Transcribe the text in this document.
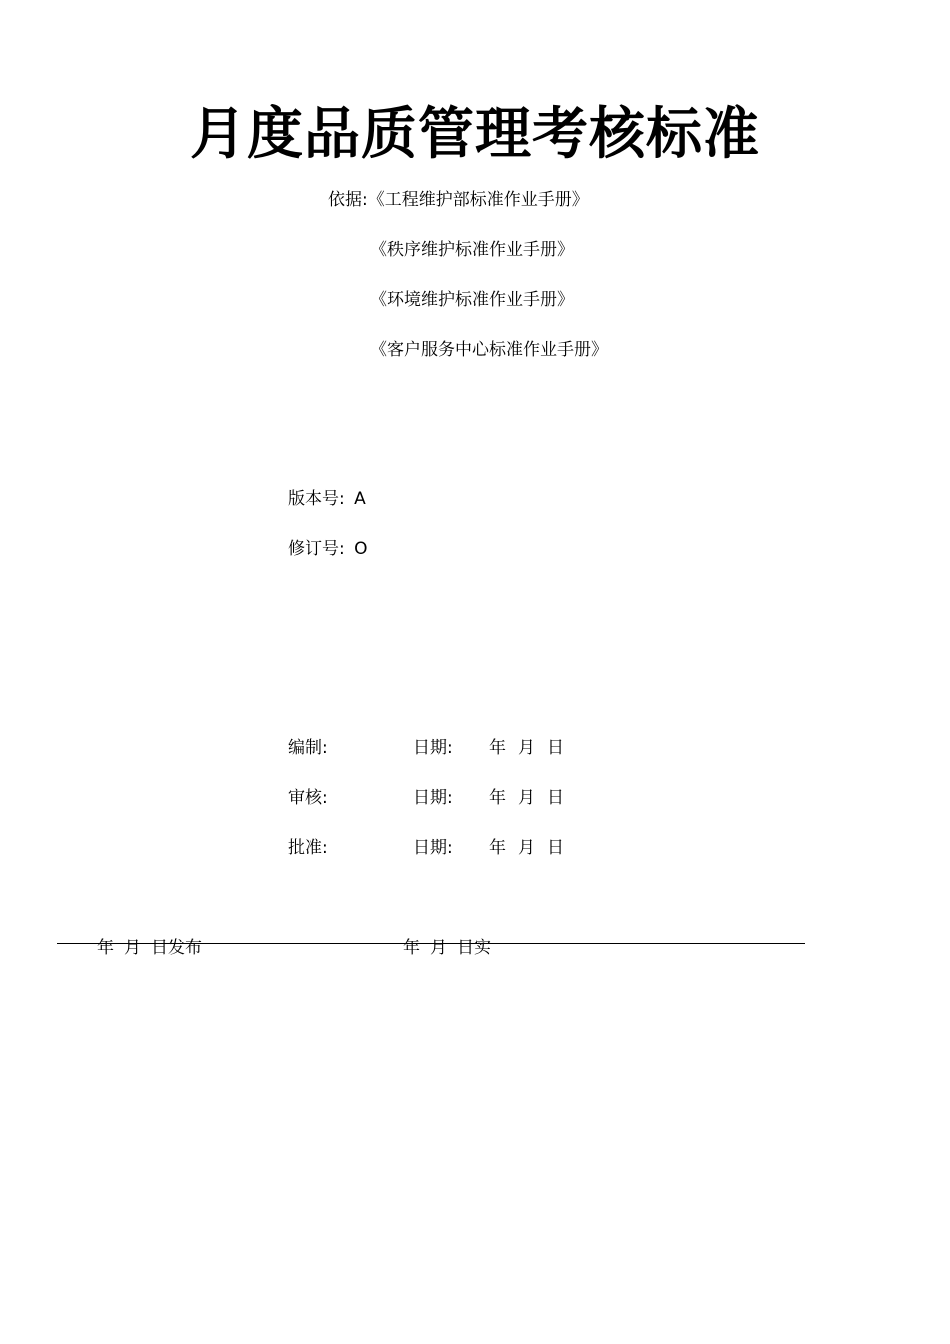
月度品质管理考核标准
依据:《工程维护部标准作业手册》
《秩序维护标准作业手册》
《环境维护标准作业手册》
《客户服务中心标准作业手册》
版本号: A
修订号: O
编制:	日期: 年 月 日
审核:	日期: 年 月 日
批准:	日期: 年 月 日
年 月 日发布	年 月 日实
